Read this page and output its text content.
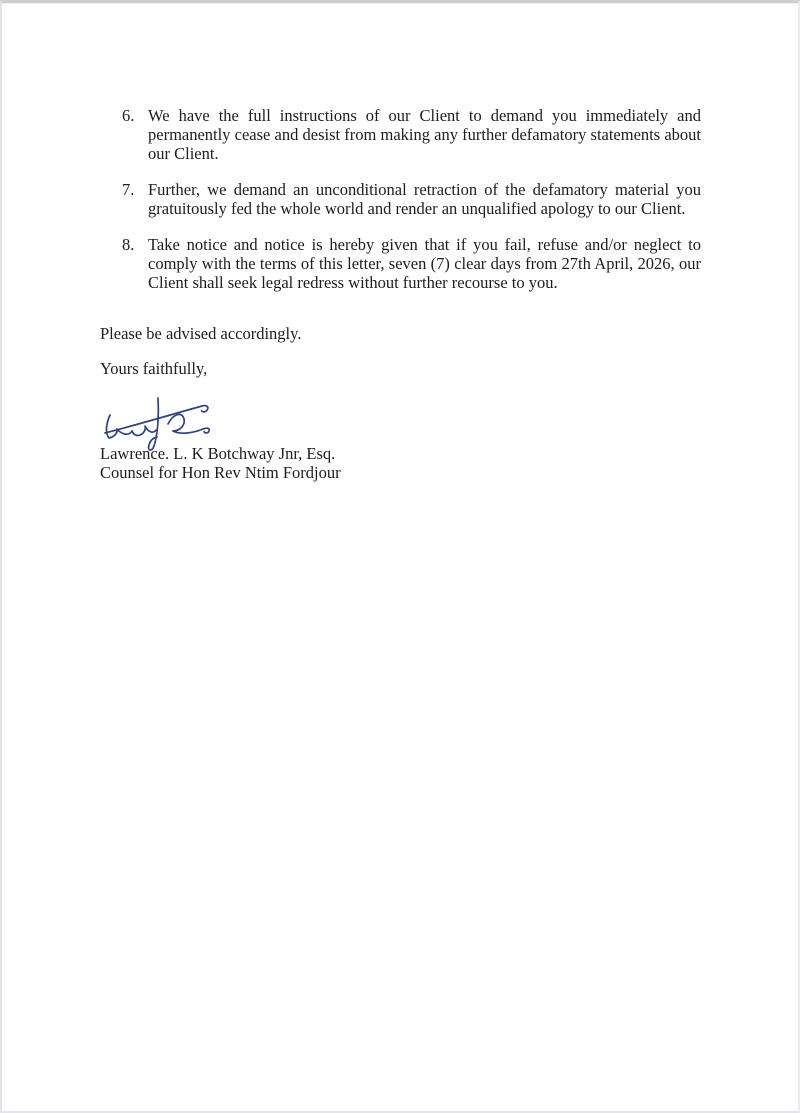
6. We have the full instructions of our Client to demand you immediately and permanently cease and desist from making any further defamatory statements about our Client.
7. Further, we demand an unconditional retraction of the defamatory material you gratuitously fed the whole world and render an unqualified apology to our Client.
8. Take notice and notice is hereby given that if you fail, refuse and/or neglect to comply with the terms of this letter, seven (7) clear days from 27th April, 2026, our Client shall seek legal redress without further recourse to you.
Please be advised accordingly.
Yours faithfully,
Lawrence. L. K Botchway Jnr, Esq.
Counsel for Hon Rev Ntim Fordjour
